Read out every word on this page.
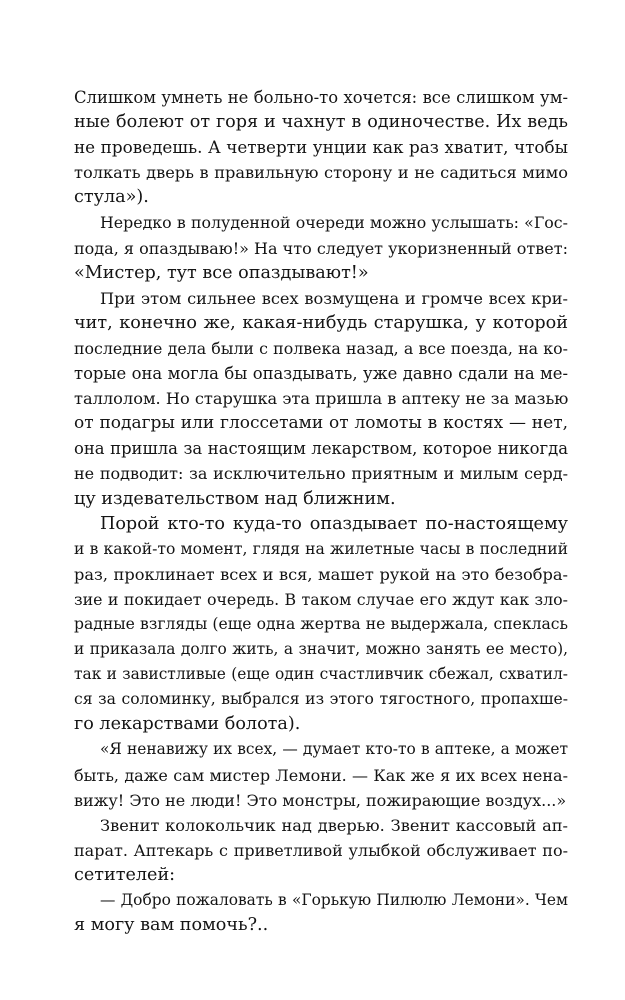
Слишком умнеть не больно-то хочется: все слишком ум-
ные болеют от горя и чахнут в одиночестве. Их ведь
не проведешь. А четверти унции как раз хватит, чтобы
толкать дверь в правильную сторону и не садиться мимо
стула»).

Нередко в полуденной очереди можно услышать: «Гос-
пода, я опаздываю!» На что следует укоризненный ответ:
«Мистер, тут все опаздывают!»

При этом сильнее всех возмущена и громче всех кри-
чит, конечно же, какая-нибудь старушка, у которой
последние дела были с полвека назад, а все поезда, на ко-
торые она могла бы опаздывать, уже давно сдали на ме-
таллолом. Но старушка эта пришла в аптеку не за мазью
от подагры или глоссетами от ломоты в костях — нет,
она пришла за настоящим лекарством, которое никогда
не подводит: за исключительно приятным и милым серд-
цу издевательством над ближним.

Порой кто-то куда-то опаздывает по-настоящему
и в какой-то момент, глядя на жилетные часы в последний
раз, проклинает всех и вся, машет рукой на это безобра-
зие и покидает очередь. В таком случае его ждут как зло-
радные взгляды (еще одна жертва не выдержала, спеклась
и приказала долго жить, а значит, можно занять ее место),
так и завистливые (еще один счастливчик сбежал, схватил-
ся за соломинку, выбрался из этого тягостного, пропахше-
го лекарствами болота).

«Я ненавижу их всех, — думает кто-то в аптеке, а может
быть, даже сам мистер Лемони. — Как же я их всех нена-
вижу! Это не люди! Это монстры, пожирающие воздух...»

Звенит колокольчик над дверью. Звенит кассовый ап-
парат. Аптекарь с приветливой улыбкой обслуживает по-
сетителей:

— Добро пожаловать в «Горькую Пилюлю Лемони». Чем
я могу вам помочь?..
